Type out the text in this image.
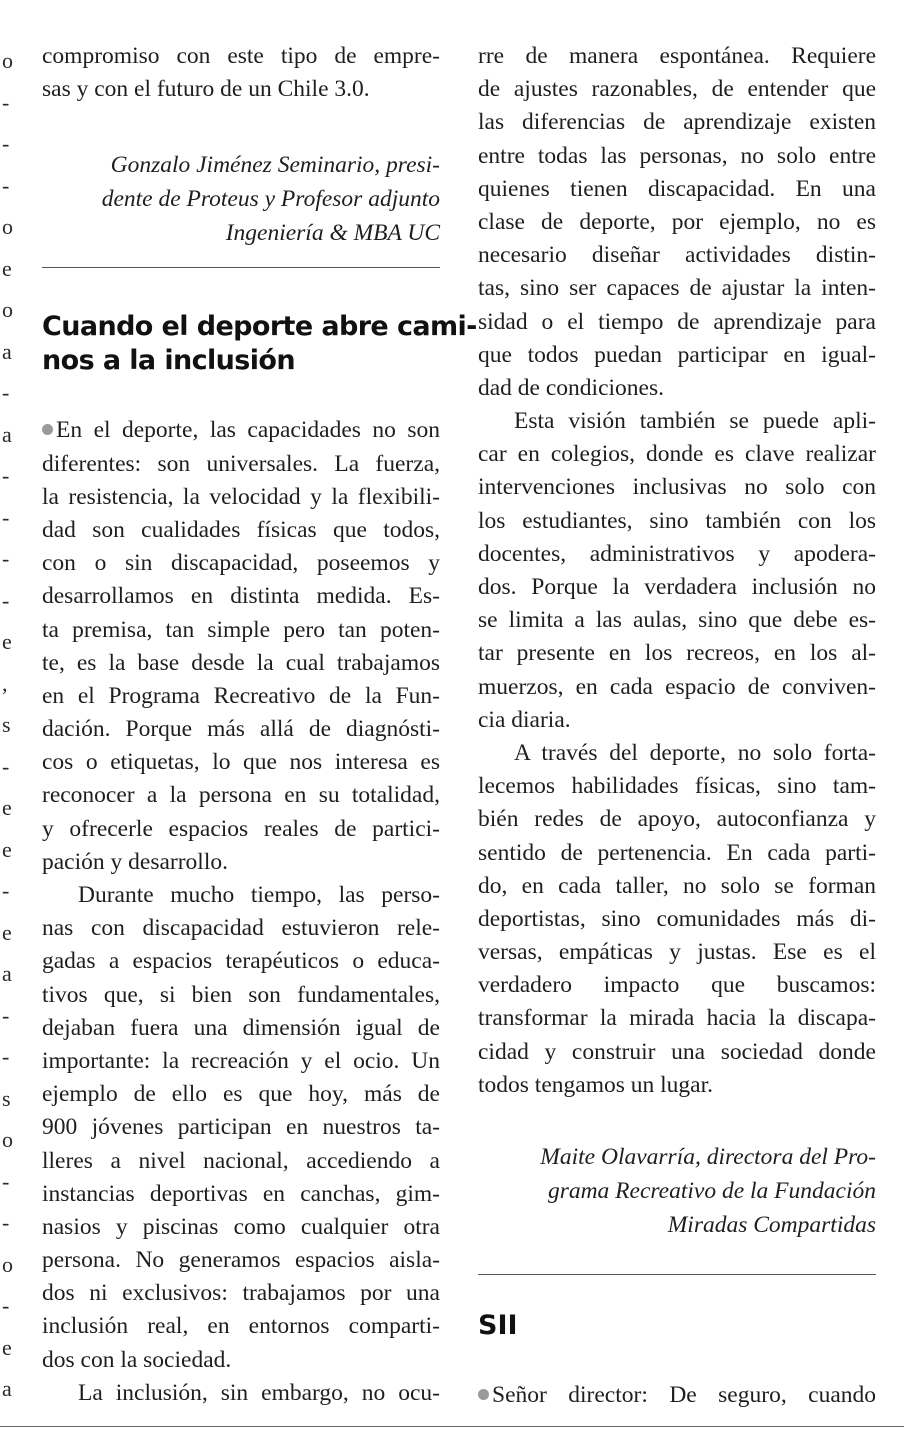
o
-
-
-
o
e
o
a
-
a
-
-
-
-
e
,
s
-
e
e
-
e
a
-
-
s
o
-
-
o
-
e
a
compromiso con este tipo de empre-
sas y con el futuro de un Chile 3.0.
Gonzalo Jiménez Seminario, presi-
dente de Proteus y Profesor adjunto
Ingeniería & MBA UC
Cuando el deporte abre cami-
nos a la inclusión
En el deporte, las capacidades no son
diferentes: son universales. La fuerza,
la resistencia, la velocidad y la flexibili-
dad son cualidades físicas que todos,
con o sin discapacidad, poseemos y
desarrollamos en distinta medida. Es-
ta premisa, tan simple pero tan poten-
te, es la base desde la cual trabajamos
en el Programa Recreativo de la Fun-
dación. Porque más allá de diagnósti-
cos o etiquetas, lo que nos interesa es
reconocer a la persona en su totalidad,
y ofrecerle espacios reales de partici-
pación y desarrollo.
Durante mucho tiempo, las perso-
nas con discapacidad estuvieron rele-
gadas a espacios terapéuticos o educa-
tivos que, si bien son fundamentales,
dejaban fuera una dimensión igual de
importante: la recreación y el ocio. Un
ejemplo de ello es que hoy, más de
900 jóvenes participan en nuestros ta-
lleres a nivel nacional, accediendo a
instancias deportivas en canchas, gim-
nasios y piscinas como cualquier otra
persona. No generamos espacios aisla-
dos ni exclusivos: trabajamos por una
inclusión real, en entornos comparti-
dos con la sociedad.
La inclusión, sin embargo, no ocu-
rre de manera espontánea. Requiere
de ajustes razonables, de entender que
las diferencias de aprendizaje existen
entre todas las personas, no solo entre
quienes tienen discapacidad. En una
clase de deporte, por ejemplo, no es
necesario diseñar actividades distin-
tas, sino ser capaces de ajustar la inten-
sidad o el tiempo de aprendizaje para
que todos puedan participar en igual-
dad de condiciones.
Esta visión también se puede apli-
car en colegios, donde es clave realizar
intervenciones inclusivas no solo con
los estudiantes, sino también con los
docentes, administrativos y apodera-
dos. Porque la verdadera inclusión no
se limita a las aulas, sino que debe es-
tar presente en los recreos, en los al-
muerzos, en cada espacio de conviven-
cia diaria.
A través del deporte, no solo forta-
lecemos habilidades físicas, sino tam-
bién redes de apoyo, autoconfianza y
sentido de pertenencia. En cada parti-
do, en cada taller, no solo se forman
deportistas, sino comunidades más di-
versas, empáticas y justas. Ese es el
verdadero impacto que buscamos:
transformar la mirada hacia la discapa-
cidad y construir una sociedad donde
todos tengamos un lugar.
Maite Olavarría, directora del Pro-
grama Recreativo de la Fundación
Miradas Compartidas
SII
Señor director: De seguro, cuando
